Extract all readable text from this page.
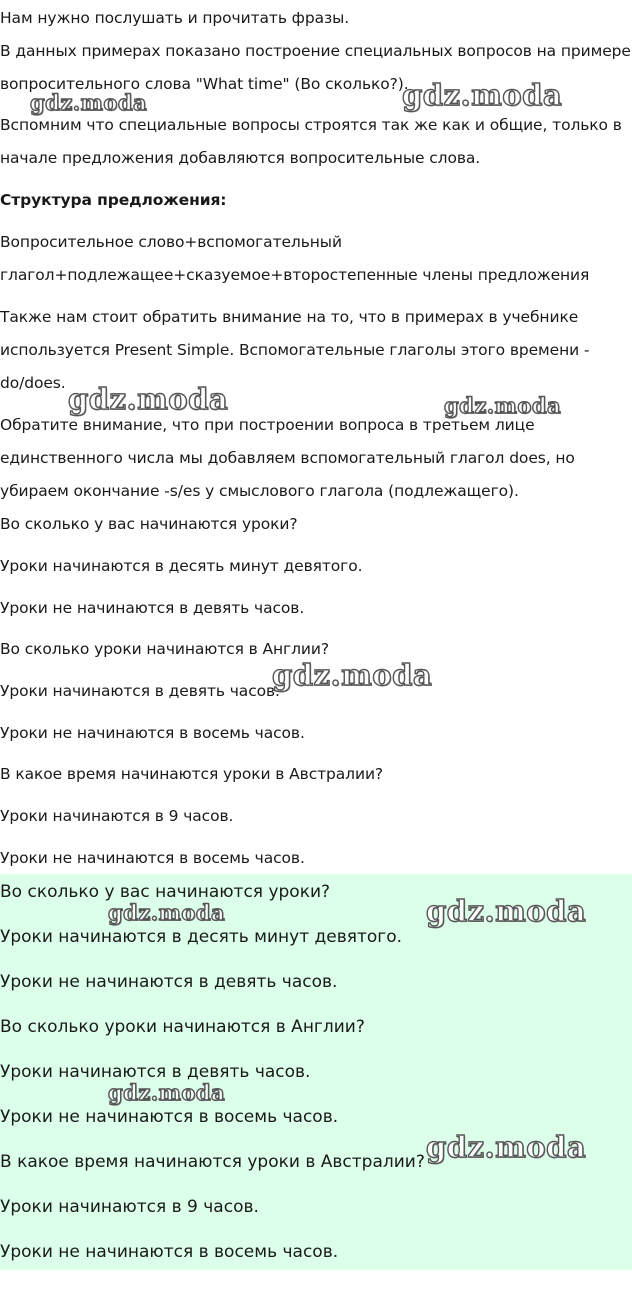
Нам нужно послушать и прочитать фразы.

В данных примерах показано построение специальных вопросов на примере

вопросительного слова "What time" (Во сколько?).

Вспомним что специальные вопросы строятся так же как и общие, только в

начале предложения добавляются вопросительные слова.

Структура предложения:

Вопросительное слово+вспомогательный

глагол+подлежащее+сказуемое+второстепенные члены предложения

Также нам стоит обратить внимание на то, что в примерах в учебнике

используется Present Simple. Вспомогательные глаголы этого времени -

do/does.

Обратите внимание, что при построении вопроса в третьем лице

единственного числа мы добавляем вспомогательный глагол does, но

убираем окончание -s/es у смыслового глагола (подлежащего).

Во сколько у вас начинаются уроки?

Уроки начинаются в десять минут девятого.

Уроки не начинаются в девять часов.

Во сколько уроки начинаются в Англии?

Уроки начинаются в девять часов.

Уроки не начинаются в восемь часов.

В какое время начинаются уроки в Австралии?

Уроки начинаются в 9 часов.

Уроки не начинаются в восемь часов.

Во сколько у вас начинаются уроки?

Уроки начинаются в десять минут девятого.

Уроки не начинаются в девять часов.

Во сколько уроки начинаются в Англии?

Уроки начинаются в девять часов.

Уроки не начинаются в восемь часов.

В какое время начинаются уроки в Австралии?

Уроки начинаются в 9 часов.

Уроки не начинаются в восемь часов.

gdz.moda	gdz.moda
gdz.moda	gdz.moda
gdz.moda
gdz.moda	gdz.moda
gdz.moda
gdz.moda
